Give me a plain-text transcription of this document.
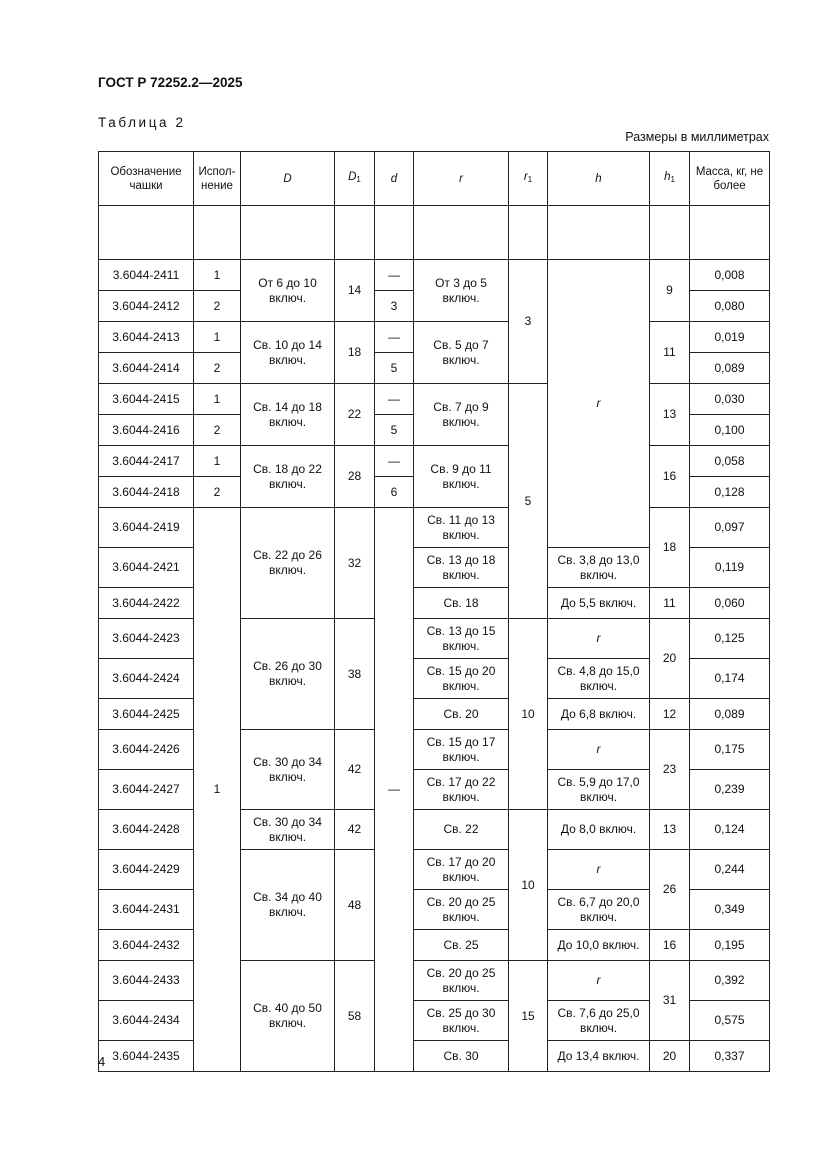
ГОСТ Р 72252.2—2025
Таблица 2
Размеры в миллиметрах
Обозначение чашки	Испол-нение	D	$D_1$	d	r	$r_1$	h	$h_1$	Масса, кг, не более

3.6044-2411	1	От 6 до 10 включ.	14	—	От 3 до 5 включ.	3	r	9	0,008
3.6044-2412	2			3					0,080
3.6044-2413	1	Св. 10 до 14 включ.	18	—	Св. 5 до 7 включ.			11	0,019
3.6044-2414	2			5					0,089
3.6044-2415	1	Св. 14 до 18 включ.	22	—	Св. 7 до 9 включ.	5		13	0,030
3.6044-2416	2			5					0,100
3.6044-2417	1	Св. 18 до 22 включ.	28	—	Св. 9 до 11 включ.			16	0,058
3.6044-2418	2			6					0,128
3.6044-2419	1	Св. 22 до 26 включ.	32	—	Св. 11 до 13 включ.			18	0,097
3.6044-2421					Св. 13 до 18 включ.		Св. 3,8 до 13,0 включ.		0,119
3.6044-2422					Св. 18		До 5,5 включ.	11	0,060
3.6044-2423		Св. 26 до 30 включ.	38		Св. 13 до 15 включ.	10	r	20	0,125
3.6044-2424					Св. 15 до 20 включ.		Св. 4,8 до 15,0 включ.		0,174
3.6044-2425					Св. 20		До 6,8 включ.	12	0,089
3.6044-2426		Св. 30 до 34 включ.	42		Св. 15 до 17 включ.		r	23	0,175
3.6044-2427					Св. 17 до 22 включ.		Св. 5,9 до 17,0 включ.		0,239
3.6044-2428		Св. 30 до 34 включ.	42		Св. 22	10	До 8,0 включ.	13	0,124
3.6044-2429		Св. 34 до 40 включ.	48		Св. 17 до 20 включ.		r	26	0,244
3.6044-2431					Св. 20 до 25 включ.		Св. 6,7 до 20,0 включ.		0,349
3.6044-2432					Св. 25		До 10,0 включ.	16	0,195
3.6044-2433		Св. 40 до 50 включ.	58		Св. 20 до 25 включ.	15	r	31	0,392
3.6044-2434					Св. 25 до 30 включ.		Св. 7,6 до 25,0 включ.		0,575
3.6044-2435					Св. 30		До 13,4 включ.	20	0,337
4
